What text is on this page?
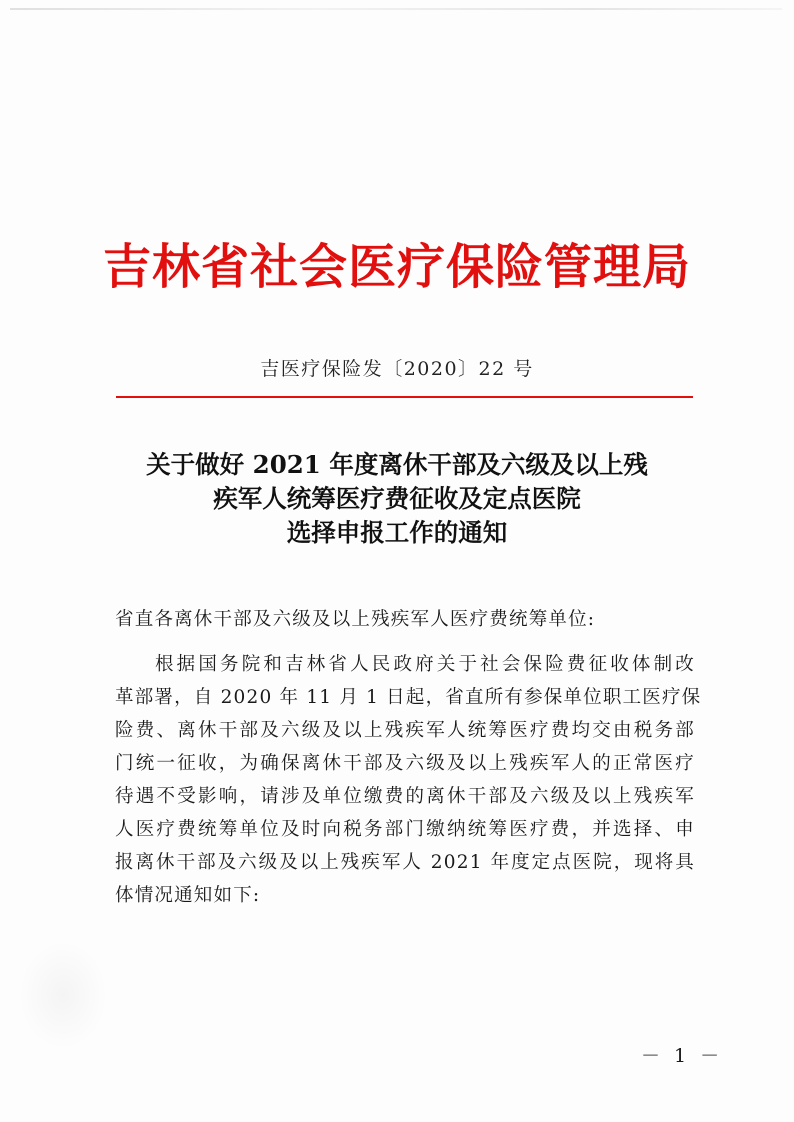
吉林省社会医疗保险管理局
吉医疗保险发〔2020〕22 号
关于做好 2021 年度离休干部及六级及以上残
疾军人统筹医疗费征收及定点医院
选择申报工作的通知
省直各离休干部及六级及以上残疾军人医疗费统筹单位:
根据国务院和吉林省人民政府关于社会保险费征收体制改
革部署，自 2020 年 11 月 1 日起，省直所有参保单位职工医疗保
险费、离休干部及六级及以上残疾军人统筹医疗费均交由税务部
门统一征收，为确保离休干部及六级及以上残疾军人的正常医疗
待遇不受影响，请涉及单位缴费的离休干部及六级及以上残疾军
人医疗费统筹单位及时向税务部门缴纳统筹医疗费，并选择、申
报离休干部及六级及以上残疾军人 2021 年度定点医院，现将具
体情况通知如下:
－ 1 －
